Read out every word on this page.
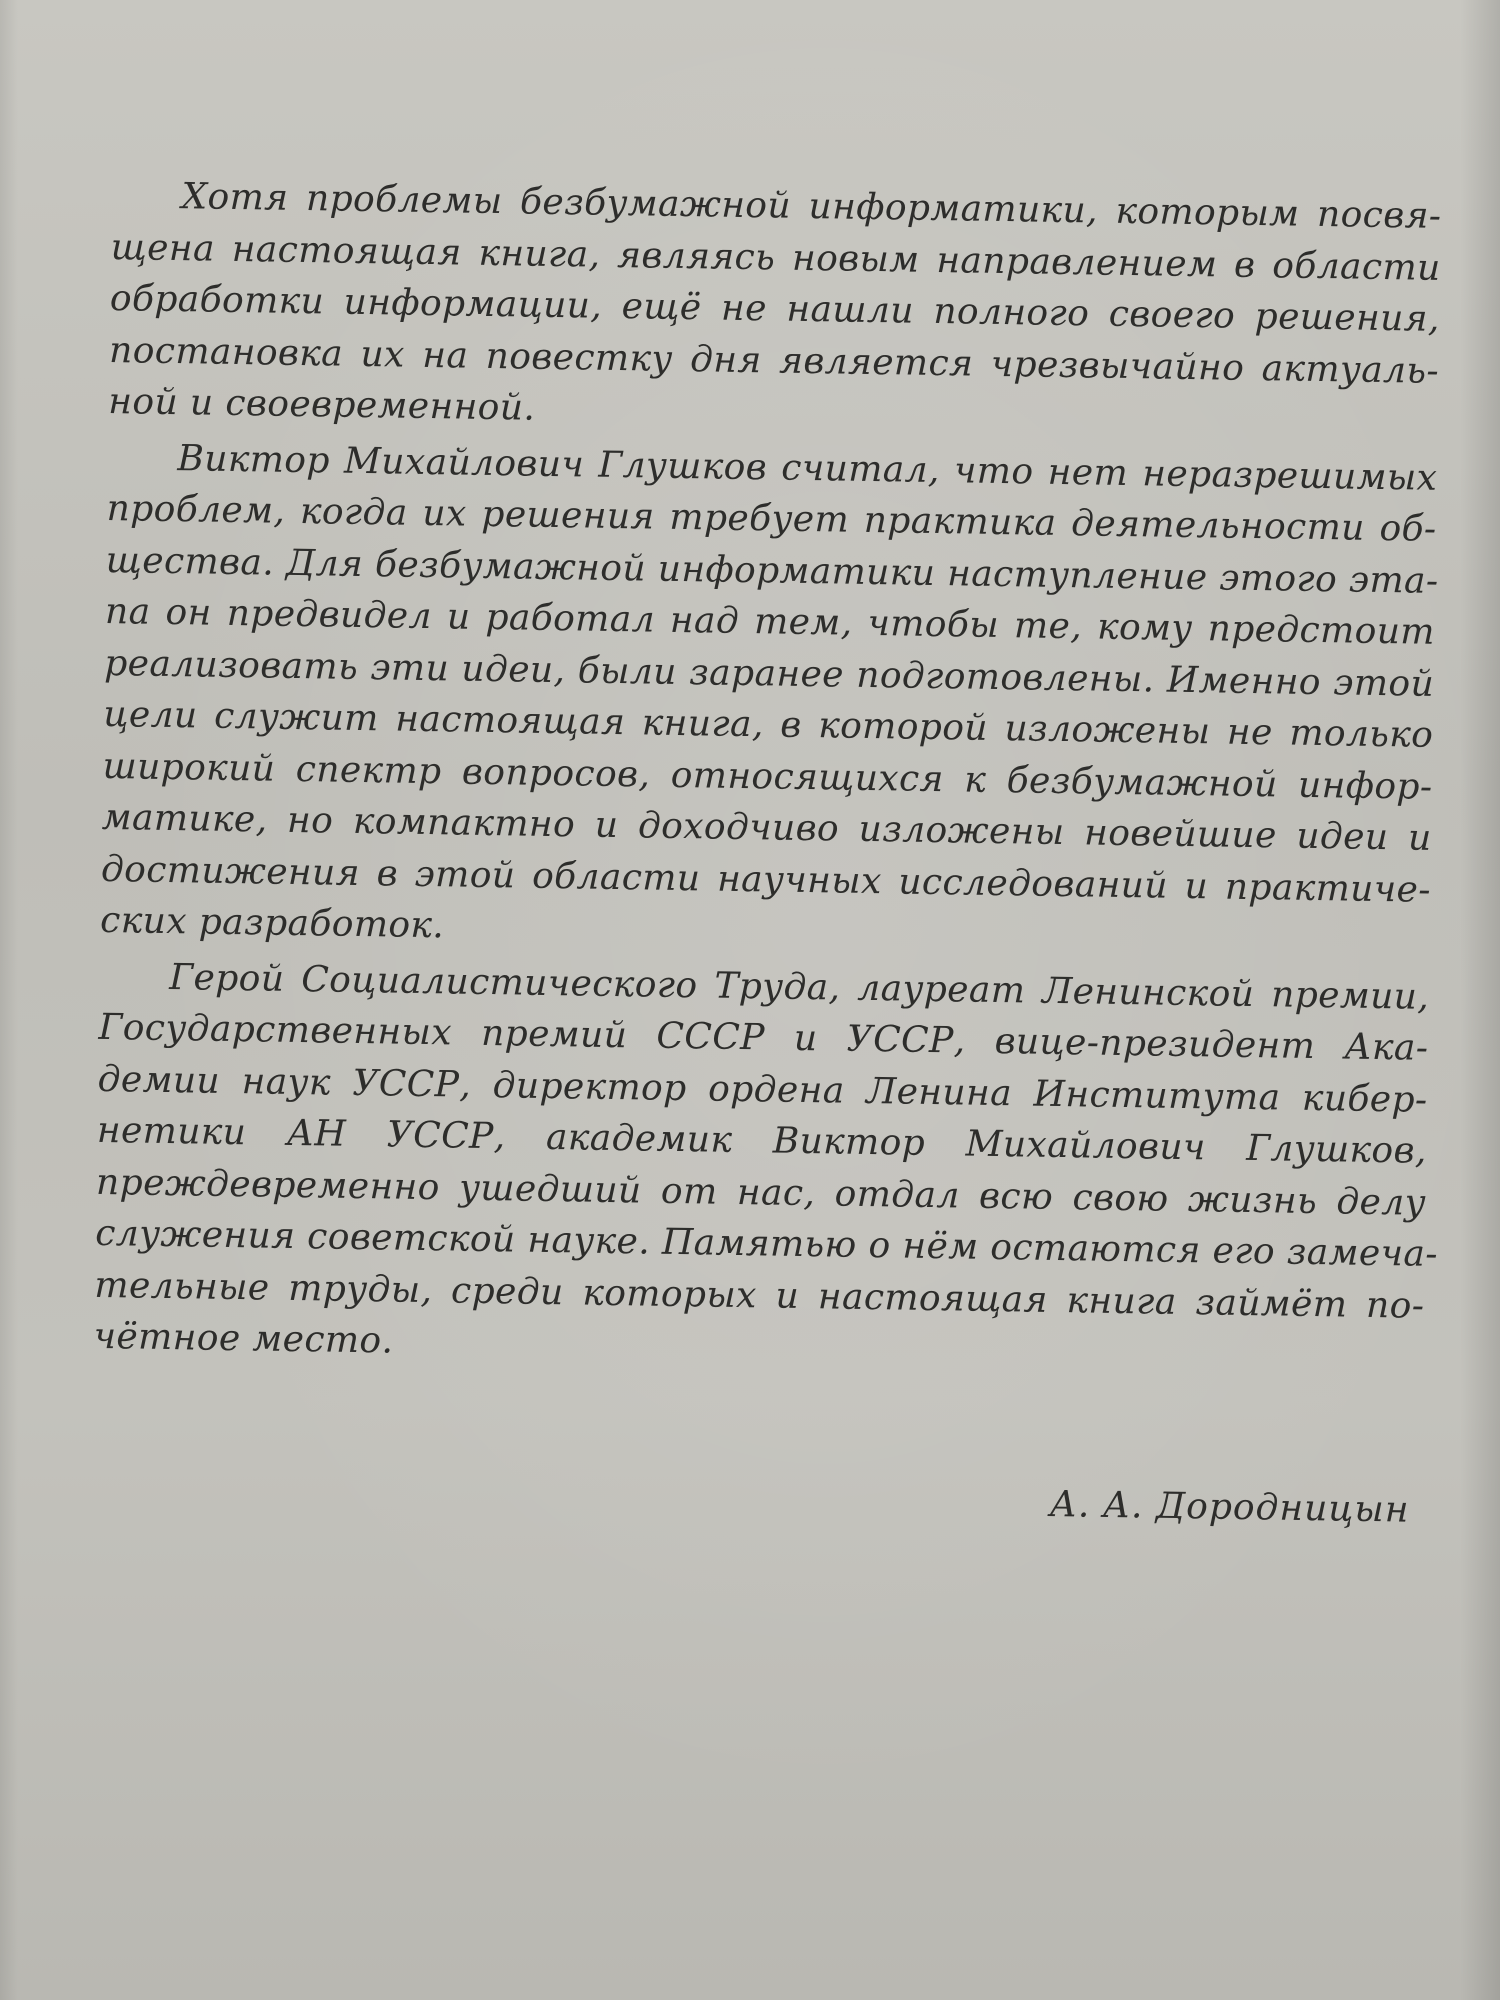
Хотя проблемы безбумажной информатики, которым посвя-
щена настоящая книга, являясь новым направлением в области
обработки информации, ещё не нашли полного своего решения,
постановка их на повестку дня является чрезвычайно актуаль-
ной и своевременной.

Виктор Михайлович Глушков считал, что нет неразрешимых
проблем, когда их решения требует практика деятельности об-
щества. Для безбумажной информатики наступление этого эта-
па он предвидел и работал над тем, чтобы те, кому предстоит
реализовать эти идеи, были заранее подготовлены. Именно этой
цели служит настоящая книга, в которой изложены не только
широкий спектр вопросов, относящихся к безбумажной инфор-
матике, но компактно и доходчиво изложены новейшие идеи и
достижения в этой области научных исследований и практиче-
ских разработок.

Герой Социалистического Труда, лауреат Ленинской премии,
Государственных премий СССР и УССР, вице-президент Ака-
демии наук УССР, директор ордена Ленина Института кибер-
нетики АН УССР, академик Виктор Михайлович Глушков,
преждевременно ушедший от нас, отдал всю свою жизнь делу
служения советской науке. Памятью о нём остаются его замеча-
тельные труды, среди которых и настоящая книга займёт по-
чётное место.

А. А. Дородницын
